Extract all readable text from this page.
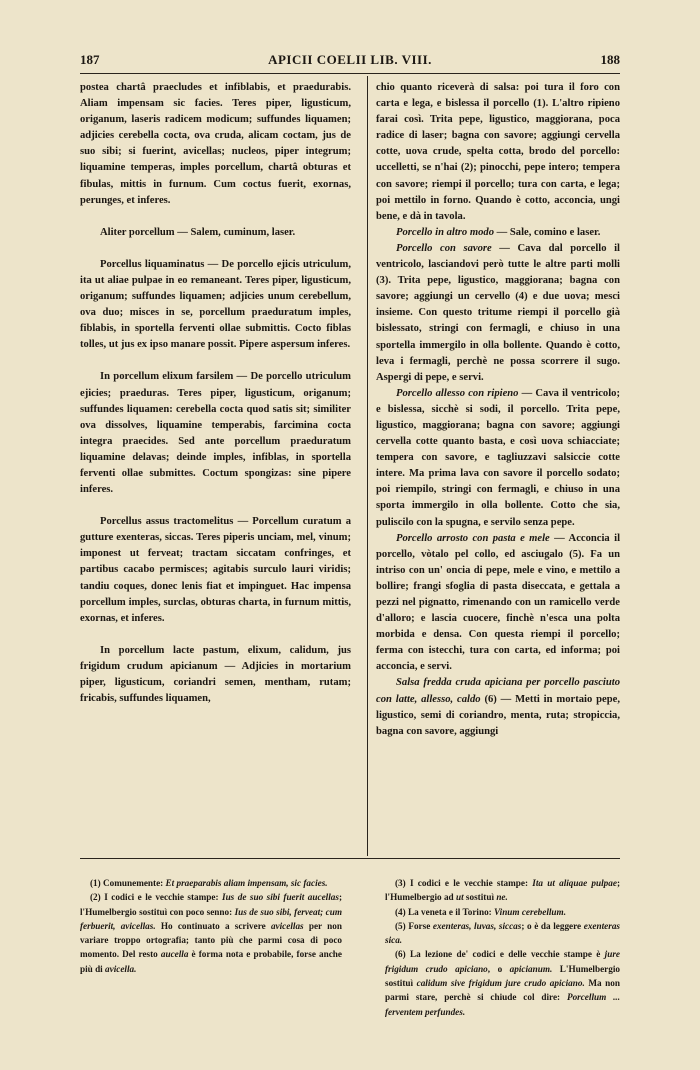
187	APICII COELII LIB. VIII.	188

postea chartâ praecludes et infiblabis, et praedurabis. Aliam impensam sic facies. Teres piper, ligusticum, origanum, laseris radicem modicum; suffundes liquamen; adjicies cerebella cocta, ova cruda, alicam coctam, jus de suo sibi; si fuerint, avicellas; nucleos, piper integrum; liquamine temperas, imples porcellum, chartâ obturas et fibulas, mittis in furnum. Cum coctus fuerit, exornas, perunges, et inferes.

Aliter porcellum — Salem, cuminum, laser.

Porcellus liquaminatus — De porcello ejicis utriculum, ita ut aliae pulpae in eo remaneant. Teres piper, ligusticum, origanum; suffundes liquamen; adjicies unum cerebellum, ova duo; misces in se, porcellum praeduratum imples, fiblabis, in sportella ferventi ollae submittis. Cocto fiblas tolles, ut jus ex ipso manare possit. Pipere aspersum inferes.

In porcellum elixum farsilem — De porcello utriculum ejicies; praeduras. Teres piper, ligusticum, origanum; suffundes liquamen: cerebella cocta quod satis sit; similiter ova dissolves, liquamine temperabis, farcimina cocta integra praecides. Sed ante porcellum praeduratum liquamine delavas; deinde imples, infiblas, in sportella ferventi ollae submittes. Coctum spongizas: sine pipere inferes.

Porcellus assus tractomelitus — Porcellum curatum a gutture exenteras, siccas. Teres piperis unciam, mel, vinum; imponest ut ferveat; tractam siccatam confringes, et partibus cacabo permisces; agitabis surculo lauri viridis; tandiu coques, donec lenis fiat et impinguet. Hac impensa porcellum imples, surclas, obturas charta, in furnum mittis, exornas, et inferes.

In porcellum lacte pastum, elixum, calidum, jus frigidum crudum apicianum — Adjicies in mortarium piper, ligusticum, coriandri semen, mentham, rutam; fricabis, suffundes liquamen,

chio quanto riceverà di salsa: poi tura il foro con carta e lega, e bislessa il porcello (1). L'altro ripieno farai così. Trita pepe, ligustico, maggiorana, poca radice di laser; bagna con savore; aggiungi cervella cotte, uova crude, spelta cotta, brodo del porcello: uccelletti, se n'hai (2); pinocchi, pepe intero; tempera con savore; riempi il porcello; tura con carta, e lega; poi mettilo in forno. Quando è cotto, acconcia, ungi bene, e dà in tavola.

Porcello in altro modo — Sale, comino e laser.

Porcello con savore — Cava dal porcello il ventricolo, lasciandovi però tutte le altre parti molli (3). Trita pepe, ligustico, maggiorana; bagna con savore; aggiungi un cervello (4) e due uova; mesci insieme. Con questo tritume riempi il porcello già bislessato, stringi con fermagli, e chiuso in una sportella immergilo in olla bollente. Quando è cotto, leva i fermagli, perchè ne possa scorrere il sugo. Aspergi di pepe, e servi.

Porcello allesso con ripieno — Cava il ventricolo; e bislessa, sicchè si sodi, il porcello. Trita pepe, ligustico, maggiorana; bagna con savore; aggiungi cervella cotte quanto basta, e così uova schiacciate; tempera con savore, e tagliuzzavi salsiccie cotte intere. Ma prima lava con savore il porcello sodato; poi riempilo, stringi con fermagli, e chiuso in una sporta immergilo in olla bollente. Cotto che sia, puliscilo con la spugna, e servilo senza pepe.

Porcello arrosto con pasta e mele — Acconcia il porcello, vòtalo pel collo, ed asciugalo (5). Fa un intriso con un' oncia di pepe, mele e vino, e mettilo a bollire; frangi sfoglia di pasta diseccata, e gettala a pezzi nel pignatto, rimenando con un ramicello verde d'alloro; e lascia cuocere, finchè n'esca una polta morbida e densa. Con questa riempi il porcello; ferma con istecchi, tura con carta, ed informa; poi acconcia, e servi.

Salsa fredda cruda apiciana per porcello pasciuto con latte, allesso, caldo (6) — Metti in mortaio pepe, ligustico, semi di coriandro, menta, ruta; stropiccia, bagna con savore, aggiungi

(1) Comunemente: Et praeparabis aliam impensam, sic facies.

(2) I codici e le vecchie stampe: Ius de suo sibi fuerit aucellas; l'Humelbergio sostituì con poco senno: Ius de suo sibi, ferveat; cum ferbuerit, avicellas. Ho continuato a scrivere avicellas per non variare troppo ortografia; tanto più che parmi cosa di poco momento. Del resto aucella è forma nota e probabile, forse anche più di avicella.

(3) I codici e le vecchie stampe: Ita ut aliquae pulpae; l'Humelbergio ad ut sostituì ne.

(4) La veneta e il Torino: Vinum cerebellum.

(5) Forse exenteras, luvas, siccas; o è da leggere exenteras sica.

(6) La lezione de' codici e delle vecchie stampe è jure frigidum crudo apiciano, o apicianum. L'Humelbergio sostituì calidum sive frigidum jure crudo apiciano. Ma non parmi stare, perchè si chiude col dire: Porcellum ... ferventem perfundes.
